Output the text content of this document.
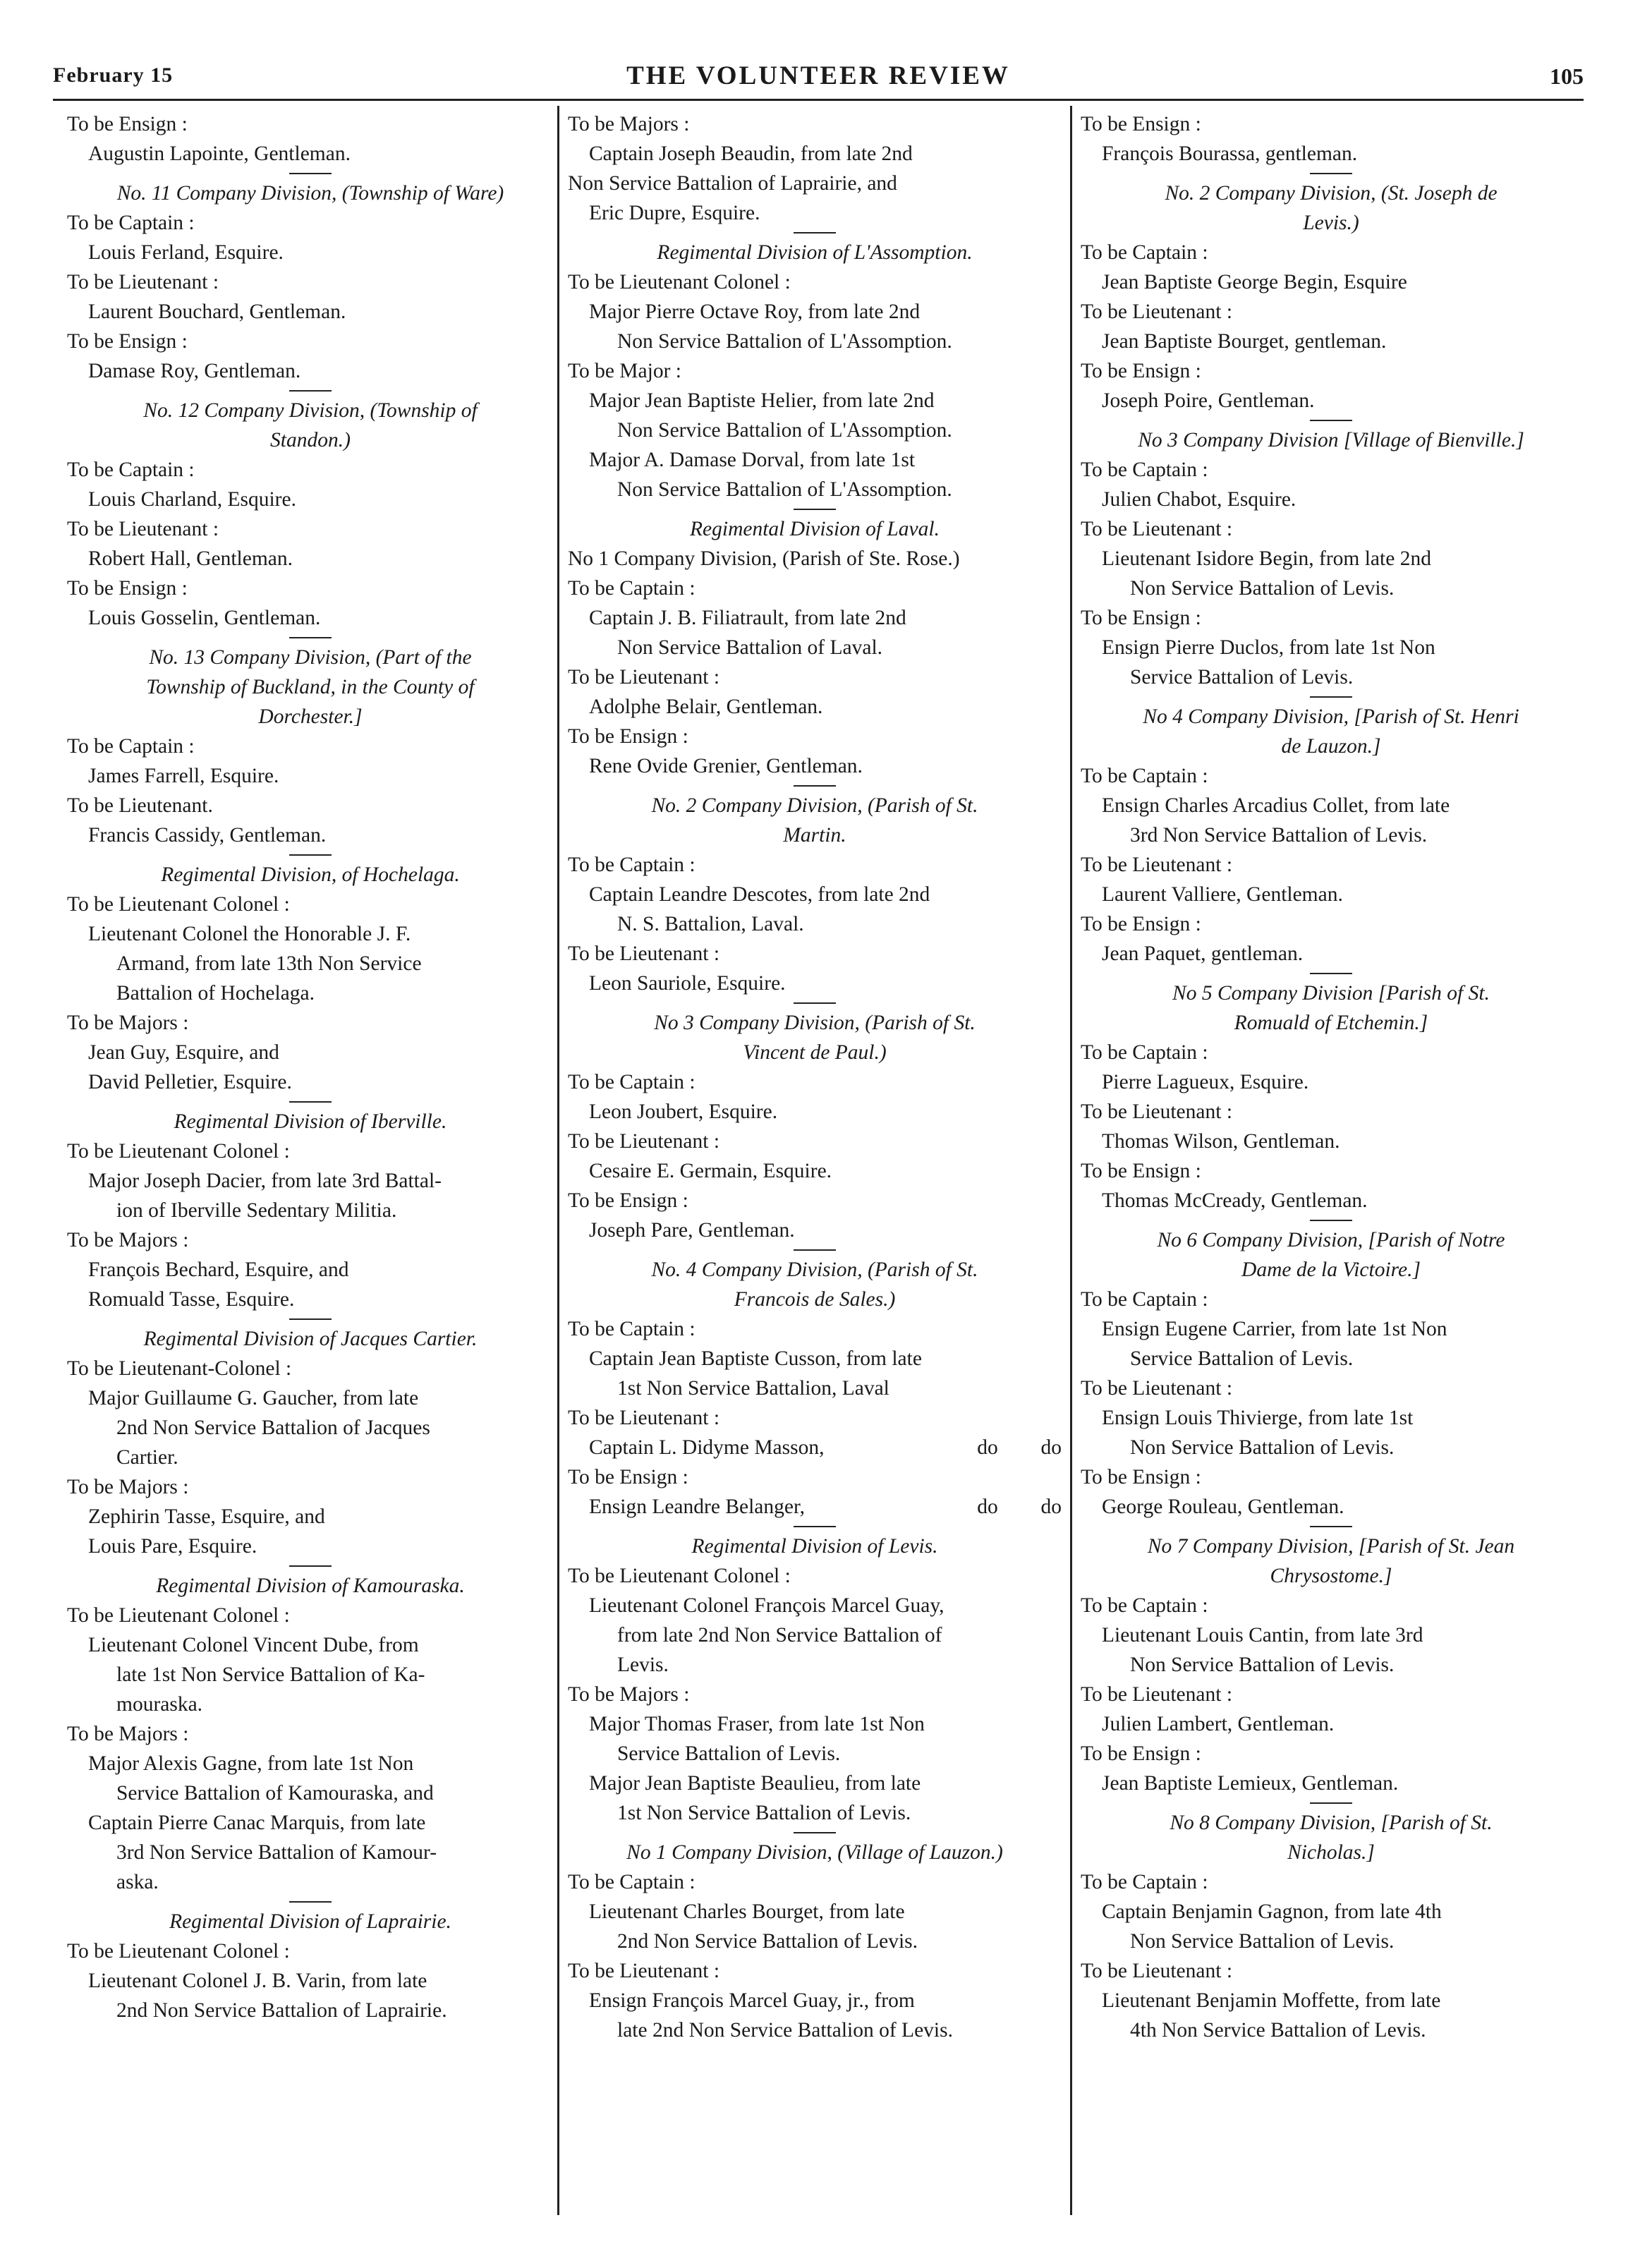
February 15	THE VOLUNTEER REVIEW	105
To be Ensign :
Augustin Lapointe, Gentleman.
No. 11 Company Division, (Township of Ware)
To be Captain :
Louis Ferland, Esquire.
To be Lieutenant :
Laurent Bouchard, Gentleman.
To be Ensign :
Damase Roy, Gentleman.
No. 12 Company Division, (Township of
Standon.)
To be Captain :
Louis Charland, Esquire.
To be Lieutenant :
Robert Hall, Gentleman.
To be Ensign :
Louis Gosselin, Gentleman.
No. 13 Company Division, (Part of the
Township of Buckland, in the County of
Dorchester.]
To be Captain :
James Farrell, Esquire.
To be Lieutenant.
Francis Cassidy, Gentleman.
Regimental Division, of Hochelaga.
To be Lieutenant Colonel :
Lieutenant Colonel the Honorable J. F.
Armand, from late 13th Non Service
Battalion of Hochelaga.
To be Majors :
Jean Guy, Esquire, and
David Pelletier, Esquire.
Regimental Division of Iberville.
To be Lieutenant Colonel :
Major Joseph Dacier, from late 3rd Battal-
ion of Iberville Sedentary Militia.
To be Majors :
François Bechard, Esquire, and
Romuald Tasse, Esquire.
Regimental Division of Jacques Cartier.
To be Lieutenant-Colonel :
Major Guillaume G. Gaucher, from late
2nd Non Service Battalion of Jacques
Cartier.
To be Majors :
Zephirin Tasse, Esquire, and
Louis Pare, Esquire.
Regimental Division of Kamouraska.
To be Lieutenant Colonel :
Lieutenant Colonel Vincent Dube, from
late 1st Non Service Battalion of Ka-
mouraska.
To be Majors :
Major Alexis Gagne, from late 1st Non
Service Battalion of Kamouraska, and
Captain Pierre Canac Marquis, from late
3rd Non Service Battalion of Kamour-
aska.
Regimental Division of Laprairie.
To be Lieutenant Colonel :
Lieutenant Colonel J. B. Varin, from late
2nd Non Service Battalion of Laprairie.
To be Majors :
Captain Joseph Beaudin, from late 2nd
Non Service Battalion of Laprairie, and
Eric Dupre, Esquire.
Regimental Division of L'Assomption.
To be Lieutenant Colonel :
Major Pierre Octave Roy, from late 2nd
Non Service Battalion of L'Assomption.
To be Major :
Major Jean Baptiste Helier, from late 2nd
Non Service Battalion of L'Assomption.
Major A. Damase Dorval, from late 1st
Non Service Battalion of L'Assomption.
Regimental Division of Laval.
No 1 Company Division, (Parish of Ste. Rose.)
To be Captain :
Captain J. B. Filiatrault, from late 2nd
Non Service Battalion of Laval.
To be Lieutenant :
Adolphe Belair, Gentleman.
To be Ensign :
Rene Ovide Grenier, Gentleman.
No. 2 Company Division, (Parish of St.
Martin.
To be Captain :
Captain Leandre Descotes, from late 2nd
N. S. Battalion, Laval.
To be Lieutenant :
Leon Sauriole, Esquire.
No 3 Company Division, (Parish of St.
Vincent de Paul.)
To be Captain :
Leon Joubert, Esquire.
To be Lieutenant :
Cesaire E. Germain, Esquire.
To be Ensign :
Joseph Pare, Gentleman.
No. 4 Company Division, (Parish of St.
Francois de Sales.)
To be Captain :
Captain Jean Baptiste Cusson, from late
1st Non Service Battalion, Laval
To be Lieutenant :
Captain L. Didyme Masson,	do	do
To be Ensign :
Ensign Leandre Belanger,	do	do
Regimental Division of Levis.
To be Lieutenant Colonel :
Lieutenant Colonel François Marcel Guay,
from late 2nd Non Service Battalion of
Levis.
To be Majors :
Major Thomas Fraser, from late 1st Non
Service Battalion of Levis.
Major Jean Baptiste Beaulieu, from late
1st Non Service Battalion of Levis.
No 1 Company Division, (Village of Lauzon.)
To be Captain :
Lieutenant Charles Bourget, from late
2nd Non Service Battalion of Levis.
To be Lieutenant :
Ensign François Marcel Guay, jr., from
late 2nd Non Service Battalion of Levis.
To be Ensign :
François Bourassa, gentleman.
No. 2 Company Division, (St. Joseph de
Levis.)
To be Captain :
Jean Baptiste George Begin, Esquire
To be Lieutenant :
Jean Baptiste Bourget, gentleman.
To be Ensign :
Joseph Poire, Gentleman.
No 3 Company Division [Village of Bienville.]
To be Captain :
Julien Chabot, Esquire.
To be Lieutenant :
Lieutenant Isidore Begin, from late 2nd
Non Service Battalion of Levis.
To be Ensign :
Ensign Pierre Duclos, from late 1st Non
Service Battalion of Levis.
No 4 Company Division, [Parish of St. Henri
de Lauzon.]
To be Captain :
Ensign Charles Arcadius Collet, from late
3rd Non Service Battalion of Levis.
To be Lieutenant :
Laurent Valliere, Gentleman.
To be Ensign :
Jean Paquet, gentleman.
No 5 Company Division [Parish of St.
Romuald of Etchemin.]
To be Captain :
Pierre Lagueux, Esquire.
To be Lieutenant :
Thomas Wilson, Gentleman.
To be Ensign :
Thomas McCready, Gentleman.
No 6 Company Division, [Parish of Notre
Dame de la Victoire.]
To be Captain :
Ensign Eugene Carrier, from late 1st Non
Service Battalion of Levis.
To be Lieutenant :
Ensign Louis Thivierge, from late 1st
Non Service Battalion of Levis.
To be Ensign :
George Rouleau, Gentleman.
No 7 Company Division, [Parish of St. Jean
Chrysostome.]
To be Captain :
Lieutenant Louis Cantin, from late 3rd
Non Service Battalion of Levis.
To be Lieutenant :
Julien Lambert, Gentleman.
To be Ensign :
Jean Baptiste Lemieux, Gentleman.
No 8 Company Division, [Parish of St.
Nicholas.]
To be Captain :
Captain Benjamin Gagnon, from late 4th
Non Service Battalion of Levis.
To be Lieutenant :
Lieutenant Benjamin Moffette, from late
4th Non Service Battalion of Levis.
